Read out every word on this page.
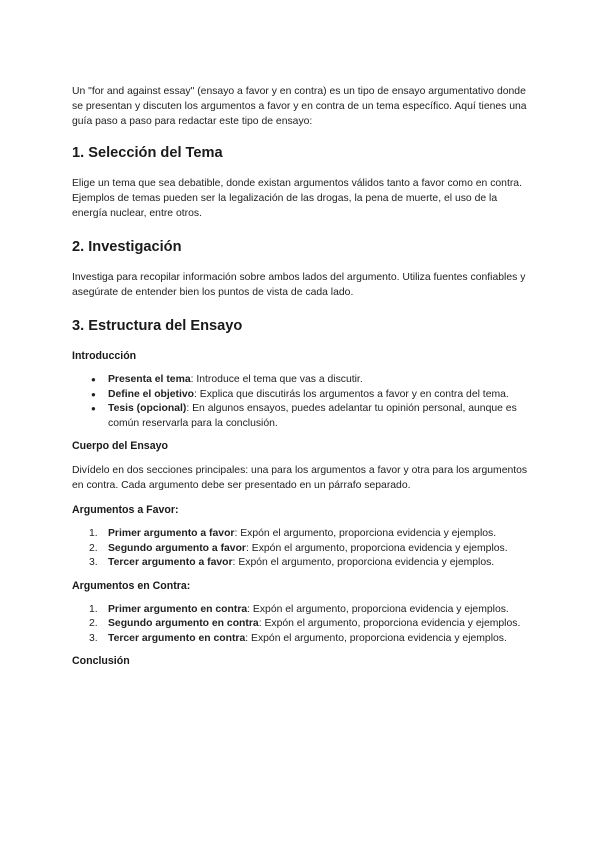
Un "for and against essay" (ensayo a favor y en contra) es un tipo de ensayo argumentativo donde se presentan y discuten los argumentos a favor y en contra de un tema específico. Aquí tienes una guía paso a paso para redactar este tipo de ensayo:

1. Selección del Tema

Elige un tema que sea debatible, donde existan argumentos válidos tanto a favor como en contra. Ejemplos de temas pueden ser la legalización de las drogas, la pena de muerte, el uso de la energía nuclear, entre otros.

2. Investigación

Investiga para recopilar información sobre ambos lados del argumento. Utiliza fuentes confiables y asegúrate de entender bien los puntos de vista de cada lado.

3. Estructura del Ensayo
Introducción
● Presenta el tema: Introduce el tema que vas a discutir.
● Define el objetivo: Explica que discutirás los argumentos a favor y en contra del tema.
● Tesis (opcional): En algunos ensayos, puedes adelantar tu opinión personal, aunque es común reservarla para la conclusión.
Cuerpo del Ensayo

Divídelo en dos secciones principales: una para los argumentos a favor y otra para los argumentos en contra. Cada argumento debe ser presentado en un párrafo separado.

Argumentos a Favor:
1. Primer argumento a favor: Expón el argumento, proporciona evidencia y ejemplos.
2. Segundo argumento a favor: Expón el argumento, proporciona evidencia y ejemplos.
3. Tercer argumento a favor: Expón el argumento, proporciona evidencia y ejemplos.
Argumentos en Contra:
1. Primer argumento en contra: Expón el argumento, proporciona evidencia y ejemplos.
2. Segundo argumento en contra: Expón el argumento, proporciona evidencia y ejemplos.
3. Tercer argumento en contra: Expón el argumento, proporciona evidencia y ejemplos.
Conclusión
